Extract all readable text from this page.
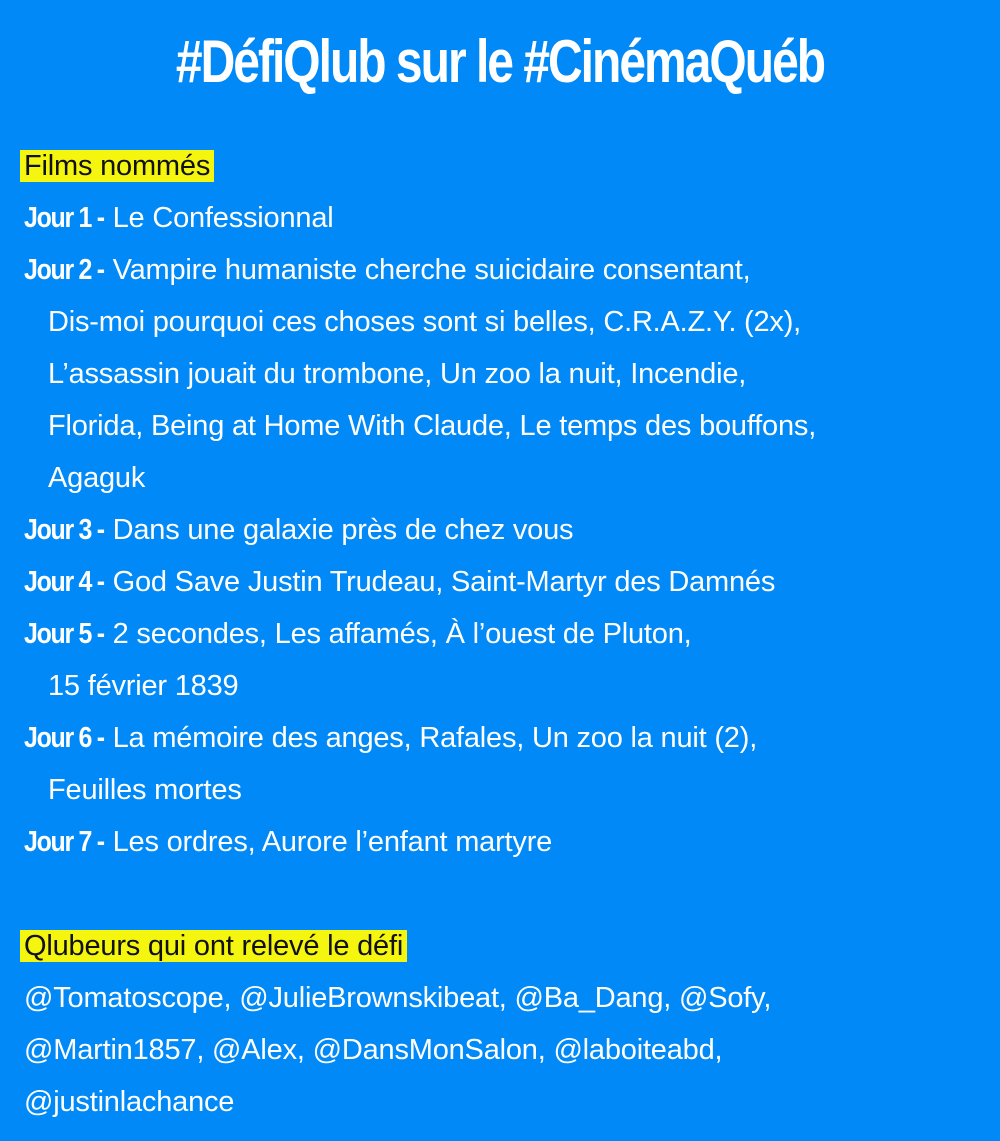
#DéfiQlub sur le #CinémaQuéb
Films nommés
Jour 1 - Le Confessionnal
Jour 2 - Vampire humaniste cherche suicidaire consentant,
Dis-moi pourquoi ces choses sont si belles, C.R.A.Z.Y. (2x),
L’assassin jouait du trombone, Un zoo la nuit, Incendie,
Florida, Being at Home With Claude, Le temps des bouffons,
Agaguk
Jour 3 - Dans une galaxie près de chez vous
Jour 4 - God Save Justin Trudeau, Saint-Martyr des Damnés
Jour 5 - 2 secondes, Les affamés, À l’ouest de Pluton,
15 février 1839
Jour 6 - La mémoire des anges, Rafales, Un zoo la nuit (2),
Feuilles mortes
Jour 7 - Les ordres, Aurore l’enfant martyre
Qlubeurs qui ont relevé le défi
@Tomatoscope, @JulieBrownskibeat, @Ba_Dang, @Sofy,
@Martin1857, @Alex, @DansMonSalon, @laboiteabd,
@justinlachance
